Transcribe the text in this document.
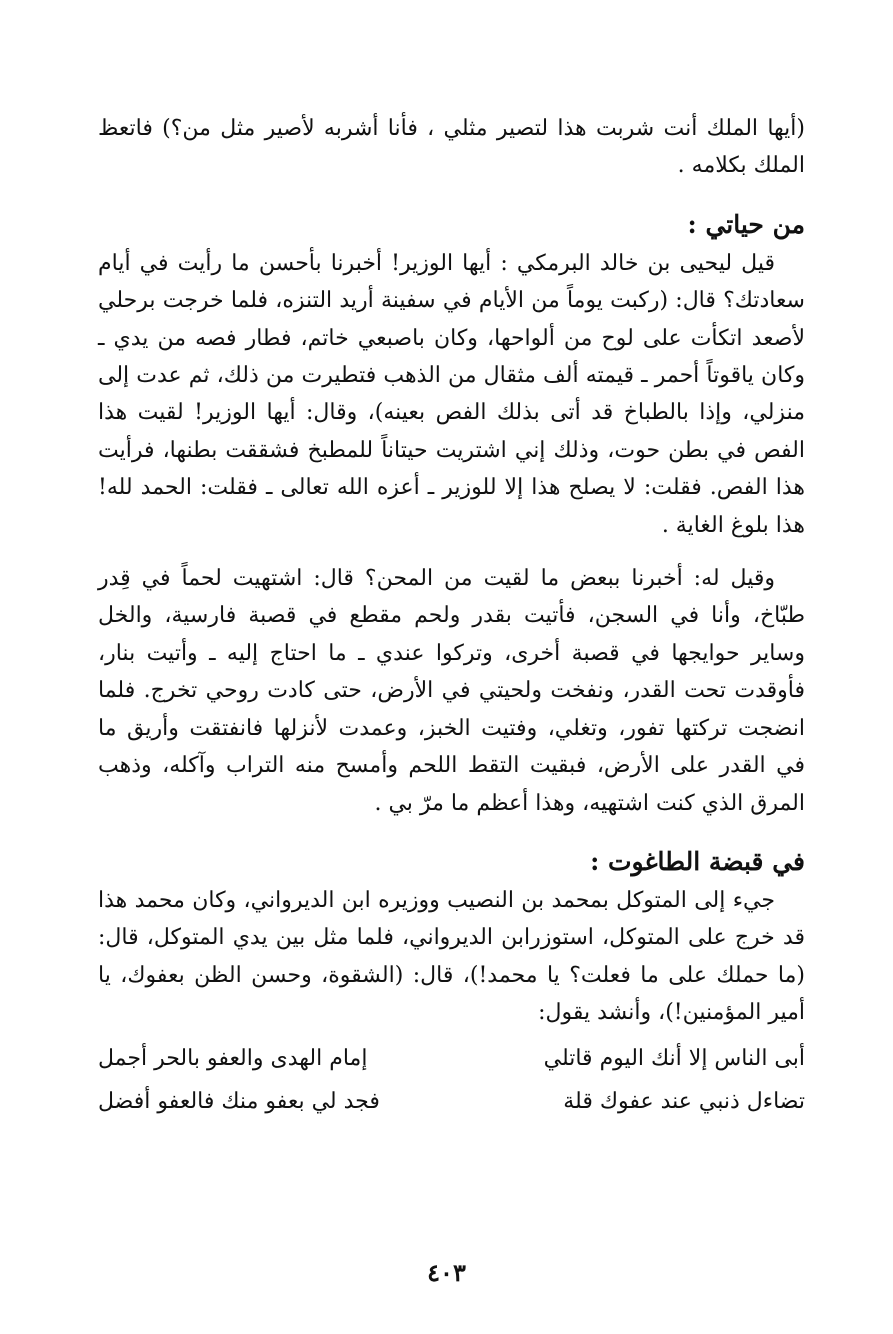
(أيها الملك أنت شربت هذا لتصير مثلي ، فأنا أشربه لأصير مثل من؟) فاتعظ الملك بكلامه .

من حياتي :

قيل ليحيى بن خالد البرمكي : أيها الوزير! أخبرنا بأحسن ما رأيت في أيام سعادتك؟ قال: (ركبت يوماً من الأيام في سفينة أريد التنزه، فلما خرجت برحلي لأصعد اتكأت على لوح من ألواحها، وكان باصبعي خاتم، فطار فصه من يدي ـ وكان ياقوتاً أحمر ـ قيمته ألف مثقال من الذهب فتطيرت من ذلك، ثم عدت إلى منزلي، وإذا بالطباخ قد أتى بذلك الفص بعينه)، وقال: أيها الوزير! لقيت هذا الفص في بطن حوت، وذلك إني اشتريت حيتاناً للمطبخ فشققت بطنها، فرأيت هذا الفص. فقلت: لا يصلح هذا إلا للوزير ـ أعزه الله تعالى ـ فقلت: الحمد لله! هذا بلوغ الغاية .

وقيل له: أخبرنا ببعض ما لقيت من المحن؟ قال: اشتهيت لحماً في قِدر طبّاخ، وأنا في السجن، فأتيت بقدر ولحم مقطع في قصبة فارسية، والخل وساير حوايجها في قصبة أخرى، وتركوا عندي ـ ما احتاج إليه ـ وأتيت بنار، فأوقدت تحت القدر، ونفخت ولحيتي في الأرض، حتى كادت روحي تخرج. فلما انضجت تركتها تفور، وتغلي، وفتيت الخبز، وعمدت لأنزلها فانفتقت وأريق ما في القدر على الأرض، فبقيت التقط اللحم وأمسح منه التراب وآكله، وذهب المرق الذي كنت اشتهيه، وهذا أعظم ما مرّ بي .

في قبضة الطاغوت :

جيء إلى المتوكل بمحمد بن النصيب ووزيره ابن الديرواني، وكان محمد هذا قد خرج على المتوكل، استوزرابن الديرواني، فلما مثل بين يدي المتوكل، قال: (ما حملك على ما فعلت؟ يا محمد!)، قال: (الشقوة، وحسن الظن بعفوك، يا أمير المؤمنين!)، وأنشد يقول:

أبى الناس إلا أنك اليوم قاتلي
إمام الهدى والعفو بالحر أجمل
تضاءل ذنبي عند عفوك قلة
فجد لي بعفو منك فالعفو أفضل
٤٠٣
